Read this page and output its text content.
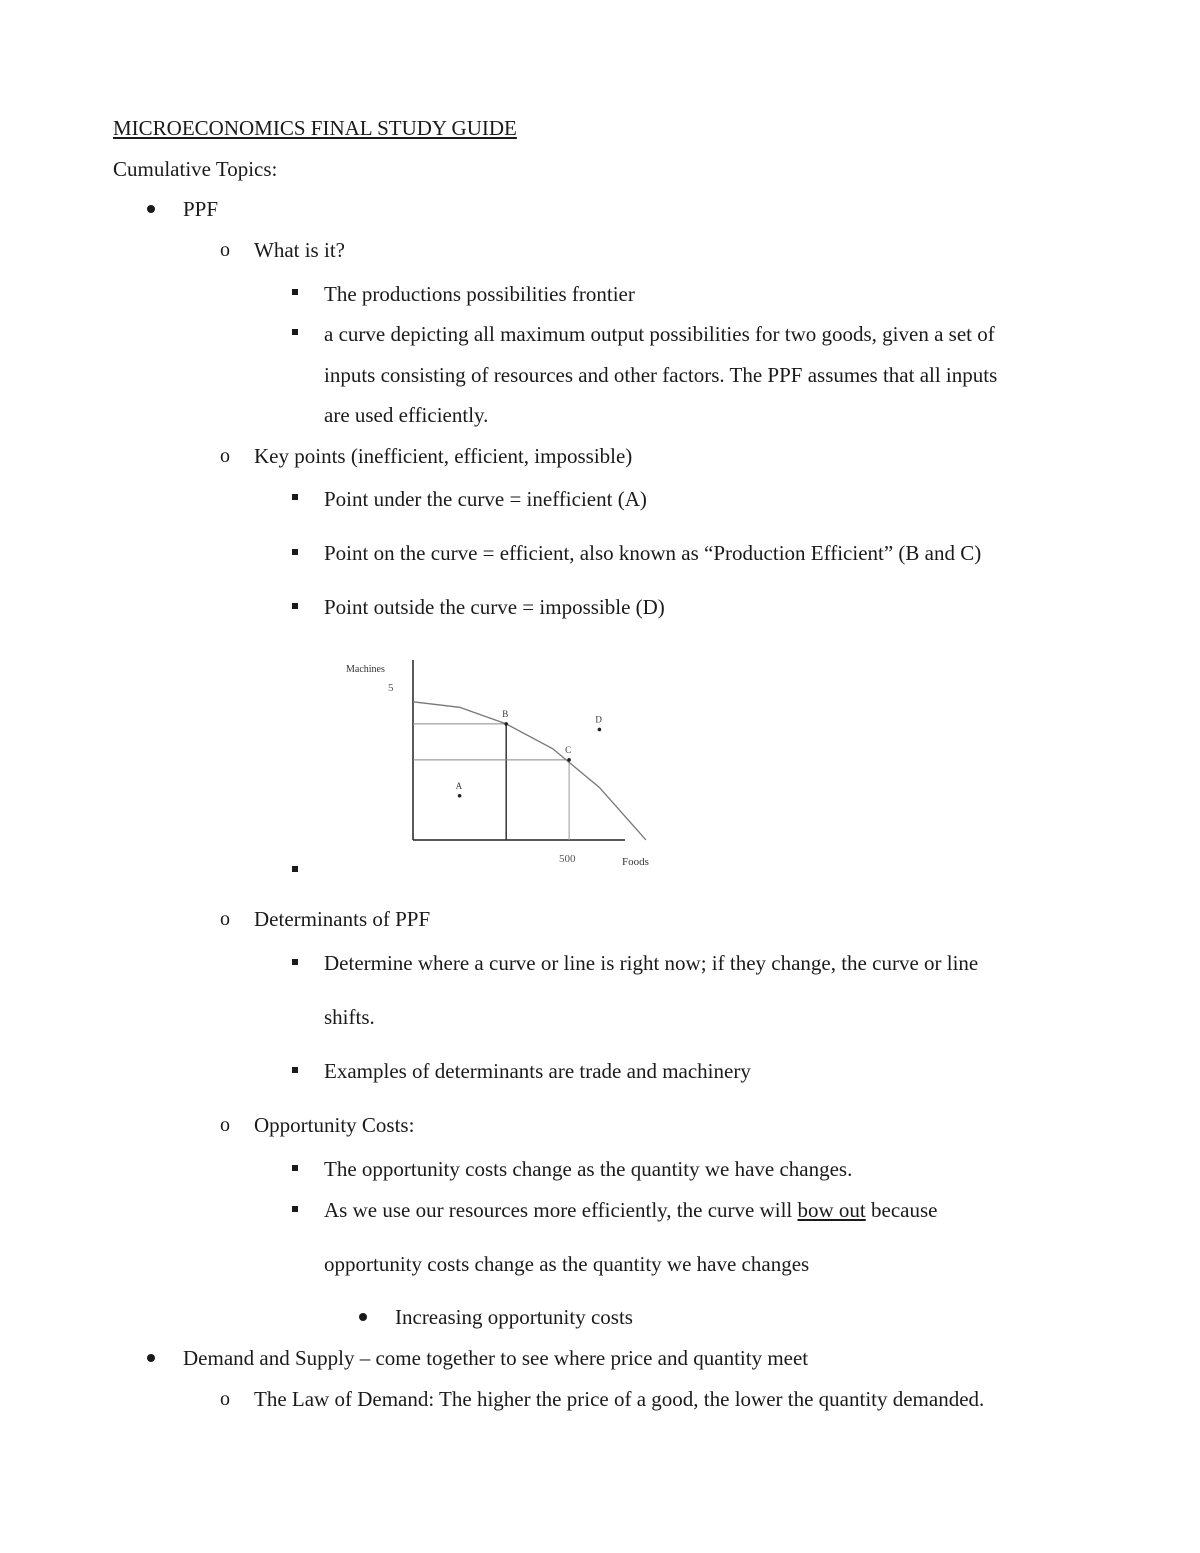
MICROECONOMICS FINAL STUDY GUIDE
Cumulative Topics:
PPF
o What is it?
The productions possibilities frontier
a curve depicting all maximum output possibilities for two goods, given a set of
inputs consisting of resources and other factors. The PPF assumes that all inputs
are used efficiently.
o Key points (inefficient, efficient, impossible)
Point under the curve = inefficient (A)
Point on the curve = efficient, also known as “Production Efficient” (B and C)
Point outside the curve = impossible (D)
Machines
5
A
B
C
D
500	Foods
o Determinants of PPF
Determine where a curve or line is right now; if they change, the curve or line
shifts.
Examples of determinants are trade and machinery
o Opportunity Costs:
The opportunity costs change as the quantity we have changes.
As we use our resources more efficiently, the curve will bow out because
opportunity costs change as the quantity we have changes
Increasing opportunity costs
Demand and Supply – come together to see where price and quantity meet
o The Law of Demand: The higher the price of a good, the lower the quantity demanded.
